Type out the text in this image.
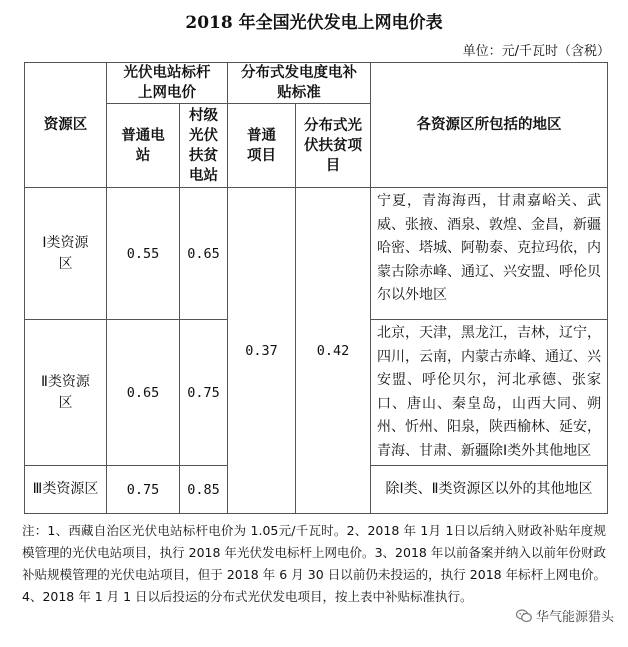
2018 年全国光伏发电上网电价表
单位：元/千瓦时（含税）
资源区	光伏电站标杆上网电价		分布式发电度电补贴标准		各资源区所包括的地区
	普通电站	村级光伏扶贫电站	普通项目	分布式光伏扶贫项目	
Ⅰ类资源区	0.55	0.65	0.37	0.42	宁夏，青海海西，甘肃嘉峪关、武威、张掖、酒泉、敦煌、金昌，新疆哈密、塔城、阿勒泰、克拉玛依，内蒙古除赤峰、通辽、兴安盟、呼伦贝尔以外地区
Ⅱ类资源区	0.65	0.75			北京，天津，黑龙江，吉林，辽宁，四川，云南，内蒙古赤峰、通辽、兴安盟、呼伦贝尔，河北承德、张家口、唐山、秦皇岛，山西大同、朔州、忻州、阳泉，陕西榆林、延安，青海、甘肃、新疆除Ⅰ类外其他地区
Ⅲ类资源区	0.75	0.85			除Ⅰ类、Ⅱ类资源区以外的其他地区
注：1、西藏自治区光伏电站标杆电价为 1.05元/千瓦时。2、2018 年 1月 1日以后纳入财政补贴年度规模管理的光伏电站项目，执行 2018 年光伏发电标杆上网电价。3、2018 年以前备案并纳入以前年份财政补贴规模管理的光伏电站项目，但于 2018 年 6 月 30 日以前仍未投运的，执行 2018 年标杆上网电价。4、2018 年 1 月 1 日以后投运的分布式光伏发电项目，按上表中补贴标准执行。
华气能源猎头
